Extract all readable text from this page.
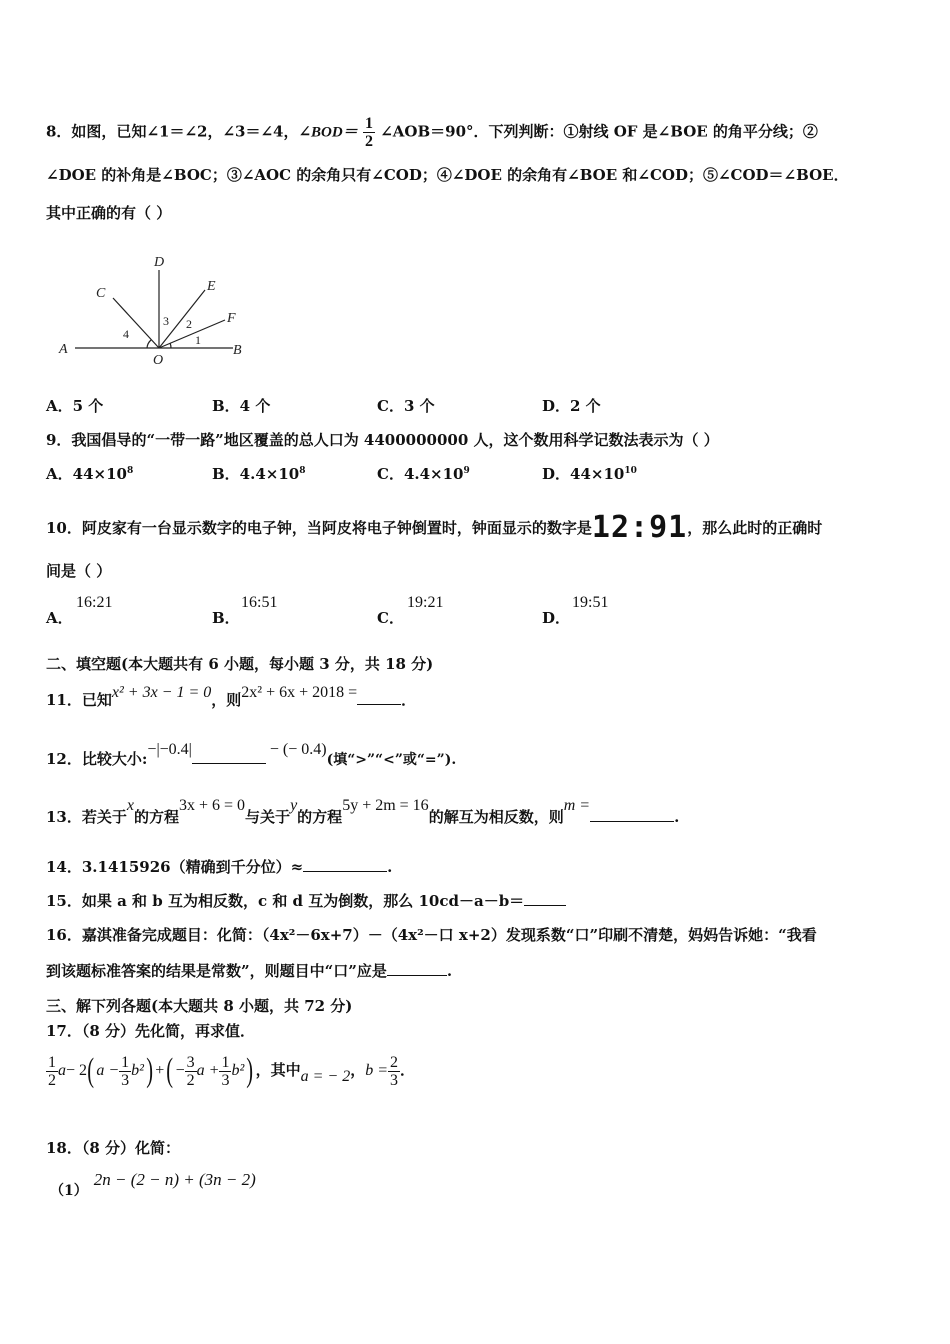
8．如图，已知∠1＝∠2，∠3＝∠4，∠BOD＝ $\frac{1}{2}$ ∠AOB＝90°．下列判断：①射线 OF 是∠BOE 的角平分线；②
∠DOE 的补角是∠BOC；③∠AOC 的余角只有∠COD；④∠DOE 的余角有∠BOE 和∠COD；⑤∠COD＝∠BOE．
其中正确的有（ ）
D
C	E
F
A	B
O
1
2
3
4
A．5 个	B．4 个	C．3 个	D．2 个
9．我国倡导的“一带一路”地区覆盖的总人口为 4400000000 人，这个数用科学记数法表示为（ ）
A．$44\times 10^8$	B．$4.4\times 10^8$	C．$4.4\times 10^9$	D．$44\times 10^{10}$
10．阿皮家有一台显示数字的电子钟，当阿皮将电子钟倒置时，钟面显示的数字是12:91，那么此时的正确时
间是（ ）
A．
16:21
B．
16:51
C．
19:21
D．
19:51
二、填空题(本大题共有 6 小题，每小题 3 分，共 18 分)
11．已知x² + 3x − 1 = 0，则2x² + 6x + 2018 =	．
12．比较大小:−|−0.4|	− (− 0.4)(填“>”“<”或“=”).
13．若关于x的方程3x + 6 = 0与关于y的方程5y + 2m = 16的解互为相反数，则m =.
14．3.1415926（精确到千分位）≈	.
15．如果 a 和 b 互为相反数，c 和 d 互为倒数，那么 10cd－a－b＝
16．嘉淇准备完成题目：化简：（4x²－6x+7）－（4x²－口 x+2）发现系数“口”印刷不清楚，妈妈告诉她：“我看
到该题标准答案的结果是常数”，则题目中“口”应是	.
三、解下列各题(本大题共 8 小题，共 72 分)
17．（8 分）先化简，再求值．
$\frac{1}{2} a- 2$( $a - \frac{1}{3} b^2$) +( − $\frac{3}{2}$ $a + \frac{1}{3} b^2$) ，其中a = − 2，$b = \frac{2}{3}$ ．
18．（8 分）化简：
（1）2n − (2 − n) + (3n − 2)
